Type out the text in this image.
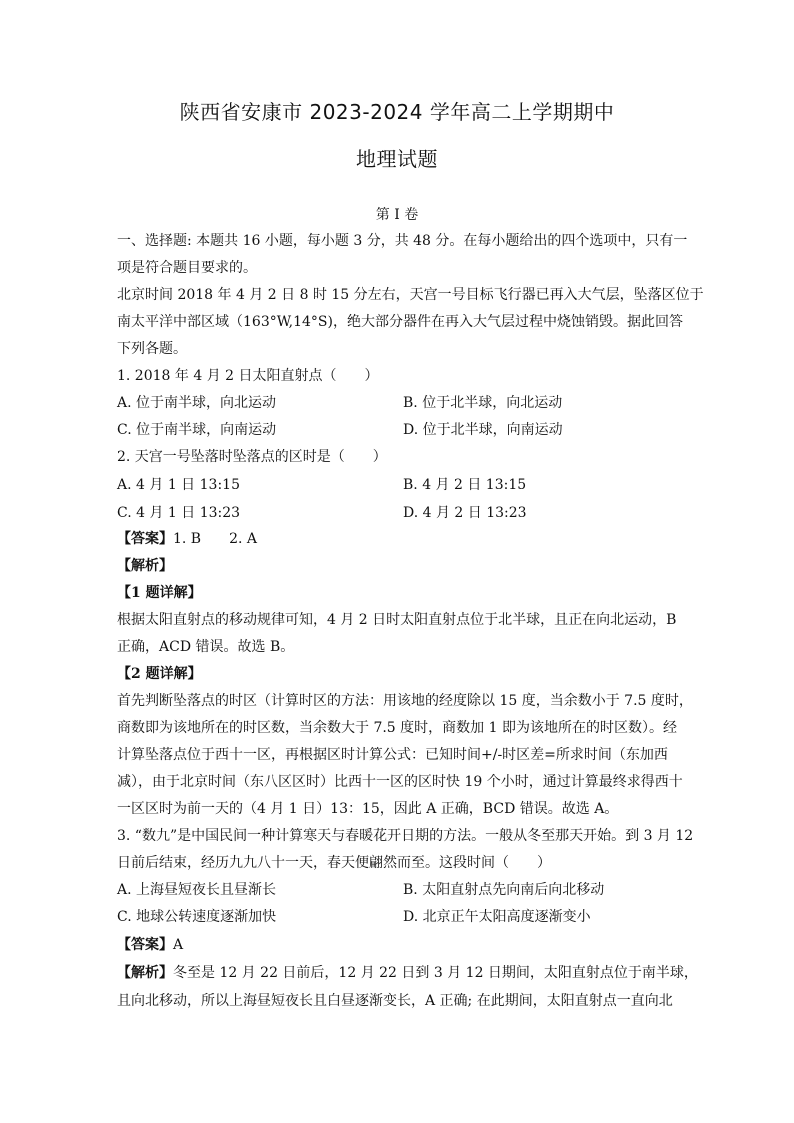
陕西省安康市 2023-2024 学年高二上学期期中
地理试题
第 I 卷
一、选择题: 本题共 16 小题，每小题 3 分，共 48 分。在每小题给出的四个选项中，只有一
项是符合题目要求的。
北京时间 2018 年 4 月 2 日 8 时 15 分左右，天宫一号目标飞行器已再入大气层，坠落区位于
南太平洋中部区域（163°W,14°S)，绝大部分器件在再入大气层过程中烧蚀销毁。据此回答
下列各题。
1. 2018 年 4 月 2 日太阳直射点（　　）
A. 位于南半球，向北运动	B. 位于北半球，向北运动
C. 位于南半球，向南运动	D. 位于北半球，向南运动
2. 天宫一号坠落时坠落点的区时是（　　）
A. 4 月 1 日 13:15	B. 4 月 2 日 13:15
C. 4 月 1 日 13:23	D. 4 月 2 日 13:23
【答案】1. B　　2. A
【解析】
【1 题详解】
根据太阳直射点的移动规律可知，4 月 2 日时太阳直射点位于北半球，且正在向北运动，B
正确，ACD 错误。故选 B。
【2 题详解】
首先判断坠落点的时区（计算时区的方法：用该地的经度除以 15 度，当余数小于 7.5 度时，
商数即为该地所在的时区数，当余数大于 7.5 度时，商数加 1 即为该地所在的时区数）。经
计算坠落点位于西十一区，再根据区时计算公式：已知时间+/-时区差=所求时间（东加西
减），由于北京时间（东八区区时）比西十一区的区时快 19 个小时，通过计算最终求得西十
一区区时为前一天的（4 月 1 日）13：15，因此 A 正确，BCD 错误。故选 A。
3. “数九”是中国民间一种计算寒天与春暖花开日期的方法。一般从冬至那天开始。到 3 月 12
日前后结束，经历九九八十一天，春天便翩然而至。这段时间（　　）
A. 上海昼短夜长且昼渐长	B. 太阳直射点先向南后向北移动
C. 地球公转速度逐渐加快	D. 北京正午太阳高度逐渐变小
【答案】A
【解析】冬至是 12 月 22 日前后，12 月 22 日到 3 月 12 日期间，太阳直射点位于南半球，
且向北移动，所以上海昼短夜长且白昼逐渐变长，A 正确; 在此期间，太阳直射点一直向北
